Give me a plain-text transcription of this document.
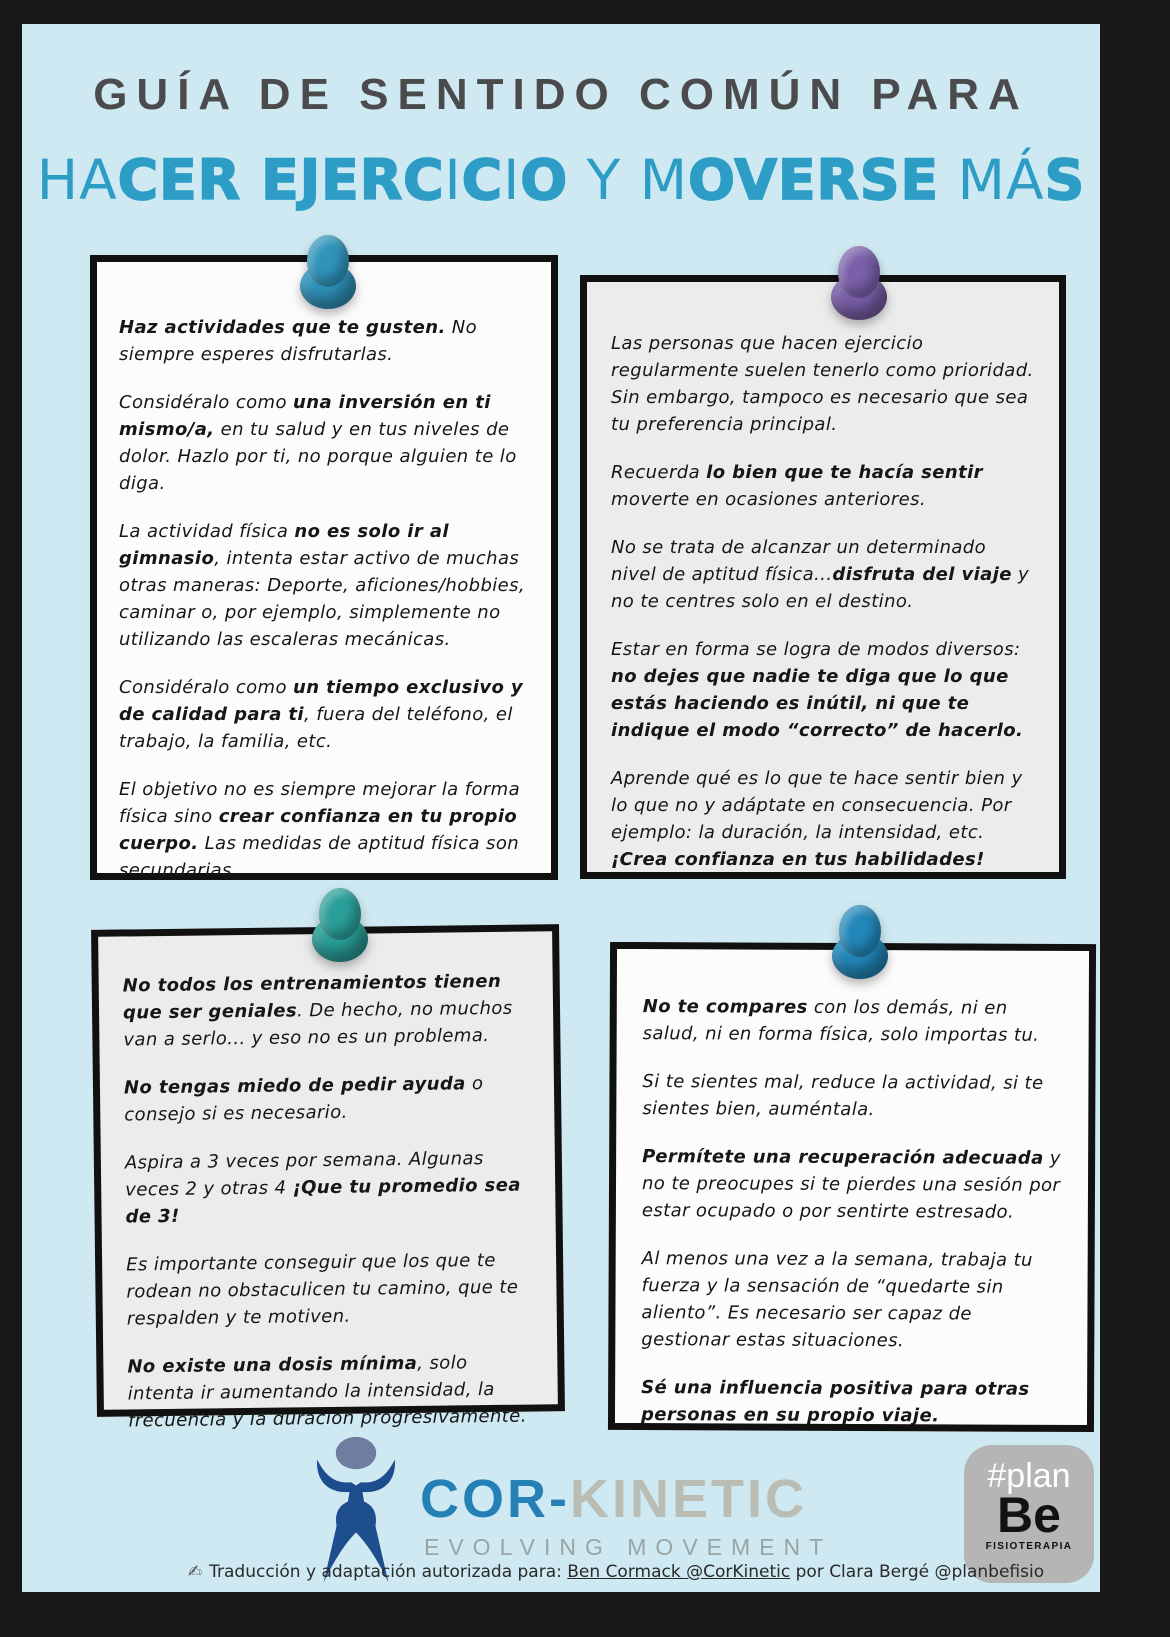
GUÍA DE SENTIDO COMÚN PARA
HACER EJERCICIO Y MOVERSE MÁS

Haz actividades que te gusten. No siempre esperes disfrutarlas.

Considéralo como una inversión en ti mismo/a, en tu salud y en tus niveles de dolor. Hazlo por ti, no porque alguien te lo diga.

La actividad física no es solo ir al gimnasio, intenta estar activo de muchas otras maneras: Deporte, aficiones/hobbies, caminar o, por ejemplo, simplemente no utilizando las escaleras mecánicas.

Considéralo como un tiempo exclusivo y de calidad para ti, fuera del teléfono, el trabajo, la familia, etc.

El objetivo no es siempre mejorar la forma física sino crear confianza en tu propio cuerpo. Las medidas de aptitud física son secundarias.

Las personas que hacen ejercicio regularmente suelen tenerlo como prioridad. Sin embargo, tampoco es necesario que sea tu preferencia principal.

Recuerda lo bien que te hacía sentir moverte en ocasiones anteriores.

No se trata de alcanzar un determinado nivel de aptitud física...disfruta del viaje y no te centres solo en el destino.

Estar en forma se logra de modos diversos: no dejes que nadie te diga que lo que estás haciendo es inútil, ni que te indique el modo “correcto” de hacerlo.

Aprende qué es lo que te hace sentir bien y lo que no y adáptate en consecuencia. Por ejemplo: la duración, la intensidad, etc.
¡Crea confianza en tus habilidades!

No todos los entrenamientos tienen que ser geniales. De hecho, no muchos van a serlo... y eso no es un problema.

No tengas miedo de pedir ayuda o consejo si es necesario.

Aspira a 3 veces por semana. Algunas veces 2 y otras 4 ¡Que tu promedio sea de 3!

Es importante conseguir que los que te rodean no obstaculicen tu camino, que te respalden y te motiven.

No existe una dosis mínima, solo intenta ir aumentando la intensidad, la frecuencia y la duración progresivamente.

No te compares con los demás, ni en salud, ni en forma física, solo importas tu.

Si te sientes mal, reduce la actividad, si te sientes bien, auméntala.

Permítete una recuperación adecuada y no te preocupes si te pierdes una sesión por estar ocupado o por sentirte estresado.

Al menos una vez a la semana, trabaja tu fuerza y la sensación de “quedarte sin aliento”. Es necesario ser capaz de gestionar estas situaciones.

Sé una influencia positiva para otras personas en su propio viaje.

COR-KINETIC
EVOLVING MOVEMENT
#plan
Be
FISIOTERAPIA
✍ Traducción y adaptación autorizada para: Ben Cormack @CorKinetic por Clara Bergé @planbefisio
